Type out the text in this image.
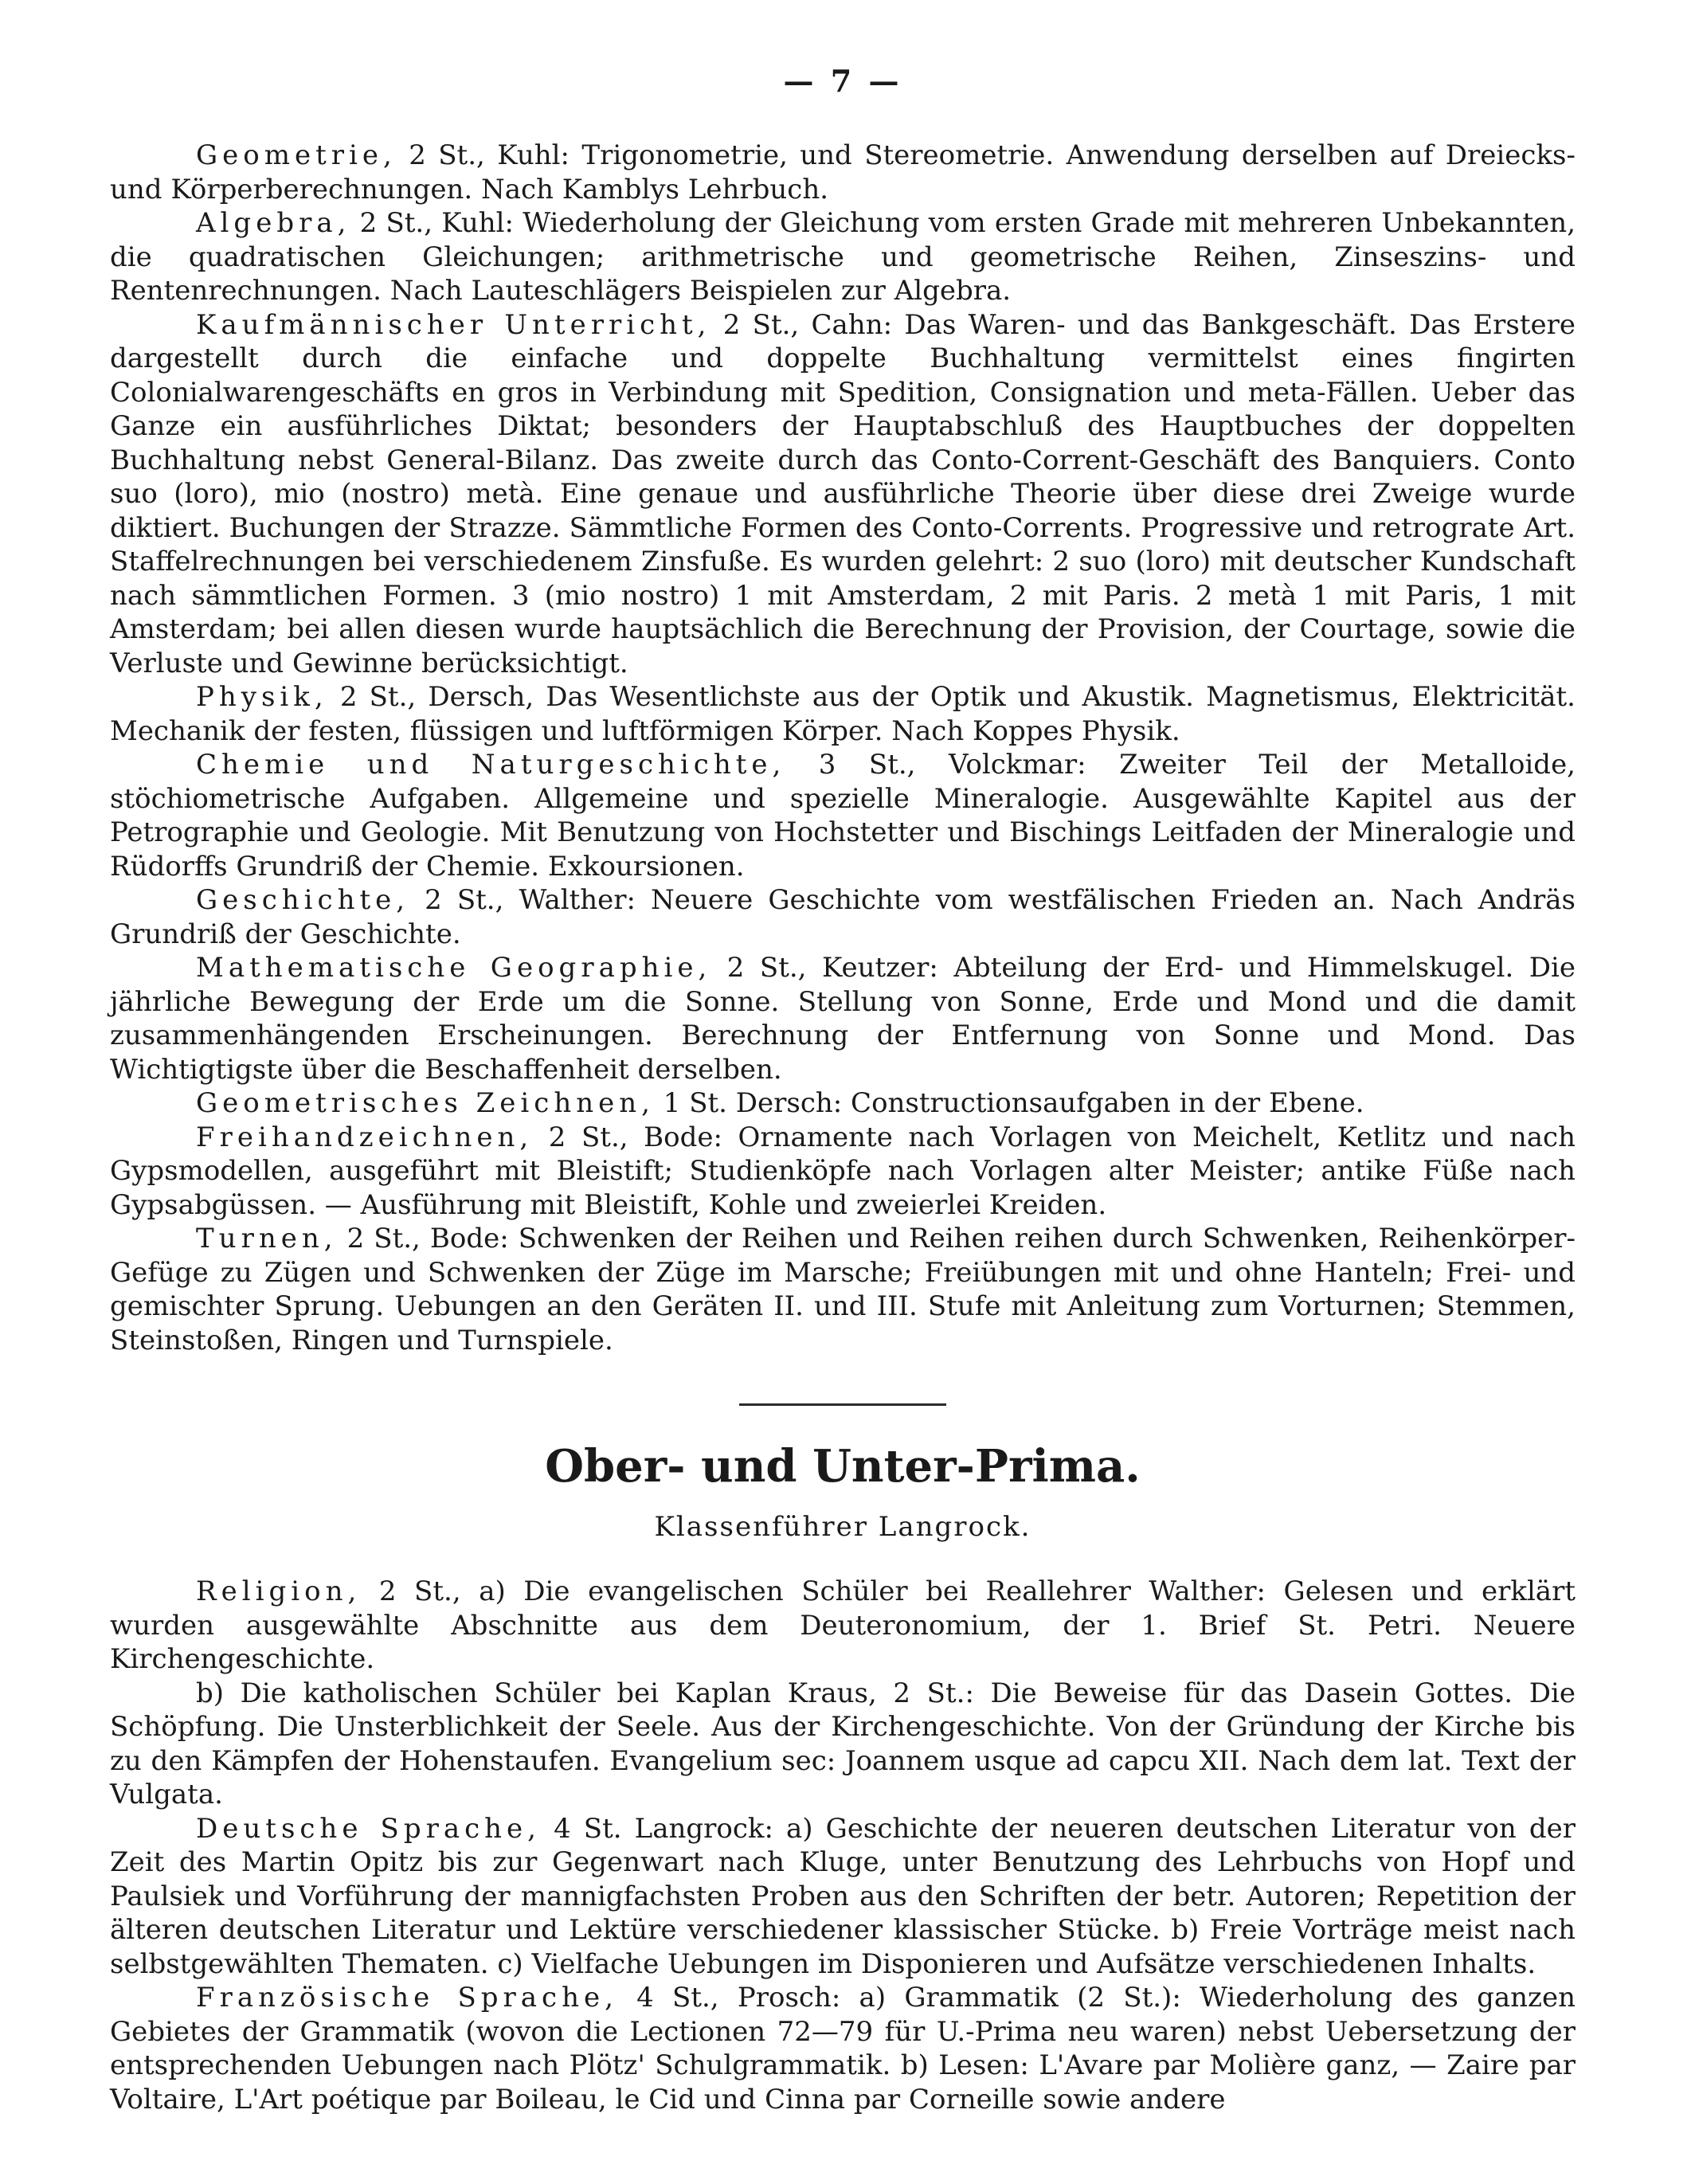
— 7 —

Geometrie, 2 St., Kuhl: Trigonometrie, und Stereometrie. Anwendung derselben auf Dreiecks- und Körperberechnungen. Nach Kamblys Lehrbuch.

Algebra, 2 St., Kuhl: Wiederholung der Gleichung vom ersten Grade mit mehreren Unbekannten, die quadratischen Gleichungen; arithmetrische und geometrische Reihen, Zinseszins- und Rentenrechnungen. Nach Lauteschlägers Beispielen zur Algebra.

Kaufmännischer Unterricht, 2 St., Cahn: Das Waren- und das Bankgeschäft. Das Erstere dargestellt durch die einfache und doppelte Buchhaltung vermittelst eines fingirten Colonialwarengeschäfts en gros in Verbindung mit Spedition, Consignation und meta-Fällen. Ueber das Ganze ein ausführliches Diktat; besonders der Hauptabschluß des Hauptbuches der doppelten Buchhaltung nebst General-Bilanz. Das zweite durch das Conto-Corrent-Geschäft des Banquiers. Conto suo (loro), mio (nostro) metà. Eine genaue und ausführliche Theorie über diese drei Zweige wurde diktiert. Buchungen der Strazze. Sämmtliche Formen des Conto-Corrents. Progressive und retrograte Art. Staffelrechnungen bei verschiedenem Zinsfuße. Es wurden gelehrt: 2 suo (loro) mit deutscher Kundschaft nach sämmtlichen Formen. 3 (mio nostro) 1 mit Amsterdam, 2 mit Paris. 2 metà 1 mit Paris, 1 mit Amsterdam; bei allen diesen wurde hauptsächlich die Berechnung der Provision, der Courtage, sowie die Verluste und Gewinne berücksichtigt.

Physik, 2 St., Dersch, Das Wesentlichste aus der Optik und Akustik. Magnetismus, Elektricität. Mechanik der festen, flüssigen und luftförmigen Körper. Nach Koppes Physik.

Chemie und Naturgeschichte, 3 St., Volckmar: Zweiter Teil der Metalloide, stöchiometrische Aufgaben. Allgemeine und spezielle Mineralogie. Ausgewählte Kapitel aus der Petrographie und Geologie. Mit Benutzung von Hochstetter und Bischings Leitfaden der Mineralogie und Rüdorffs Grundriß der Chemie. Exkoursionen.

Geschichte, 2 St., Walther: Neuere Geschichte vom westfälischen Frieden an. Nach Andräs Grundriß der Geschichte.

Mathematische Geographie, 2 St., Keutzer: Abteilung der Erd- und Himmelskugel. Die jährliche Bewegung der Erde um die Sonne. Stellung von Sonne, Erde und Mond und die damit zusammenhängenden Erscheinungen. Berechnung der Entfernung von Sonne und Mond. Das Wichtigtigste über die Beschaffenheit derselben.

Geometrisches Zeichnen, 1 St. Dersch: Constructionsaufgaben in der Ebene.

Freihandzeichnen, 2 St., Bode: Ornamente nach Vorlagen von Meichelt, Ketlitz und nach Gypsmodellen, ausgeführt mit Bleistift; Studienköpfe nach Vorlagen alter Meister; antike Füße nach Gypsabgüssen. — Ausführung mit Bleistift, Kohle und zweierlei Kreiden.

Turnen, 2 St., Bode: Schwenken der Reihen und Reihen reihen durch Schwenken, Reihenkörper-Gefüge zu Zügen und Schwenken der Züge im Marsche; Freiübungen mit und ohne Hanteln; Frei- und gemischter Sprung. Uebungen an den Geräten II. und III. Stufe mit Anleitung zum Vorturnen; Stemmen, Steinstoßen, Ringen und Turnspiele.

Ober- und Unter-Prima.
Klassenführer Langrock.

Religion, 2 St., a) Die evangelischen Schüler bei Reallehrer Walther: Gelesen und erklärt wurden ausgewählte Abschnitte aus dem Deuteronomium, der 1. Brief St. Petri. Neuere Kirchengeschichte.

b) Die katholischen Schüler bei Kaplan Kraus, 2 St.: Die Beweise für das Dasein Gottes. Die Schöpfung. Die Unsterblichkeit der Seele. Aus der Kirchengeschichte. Von der Gründung der Kirche bis zu den Kämpfen der Hohenstaufen. Evangelium sec: Joannem usque ad capcu XII. Nach dem lat. Text der Vulgata.

Deutsche Sprache, 4 St. Langrock: a) Geschichte der neueren deutschen Literatur von der Zeit des Martin Opitz bis zur Gegenwart nach Kluge, unter Benutzung des Lehrbuchs von Hopf und Paulsiek und Vorführung der mannigfachsten Proben aus den Schriften der betr. Autoren; Repetition der älteren deutschen Literatur und Lektüre verschiedener klassischer Stücke. b) Freie Vorträge meist nach selbstgewählten Thematen. c) Vielfache Uebungen im Disponieren und Aufsätze verschiedenen Inhalts.

Französische Sprache, 4 St., Prosch: a) Grammatik (2 St.): Wiederholung des ganzen Gebietes der Grammatik (wovon die Lectionen 72—79 für U.-Prima neu waren) nebst Uebersetzung der entsprechenden Uebungen nach Plötz' Schulgrammatik. b) Lesen: L'Avare par Molière ganz, — Zaire par Voltaire, L'Art poétique par Boileau, le Cid und Cinna par Corneille sowie andere
